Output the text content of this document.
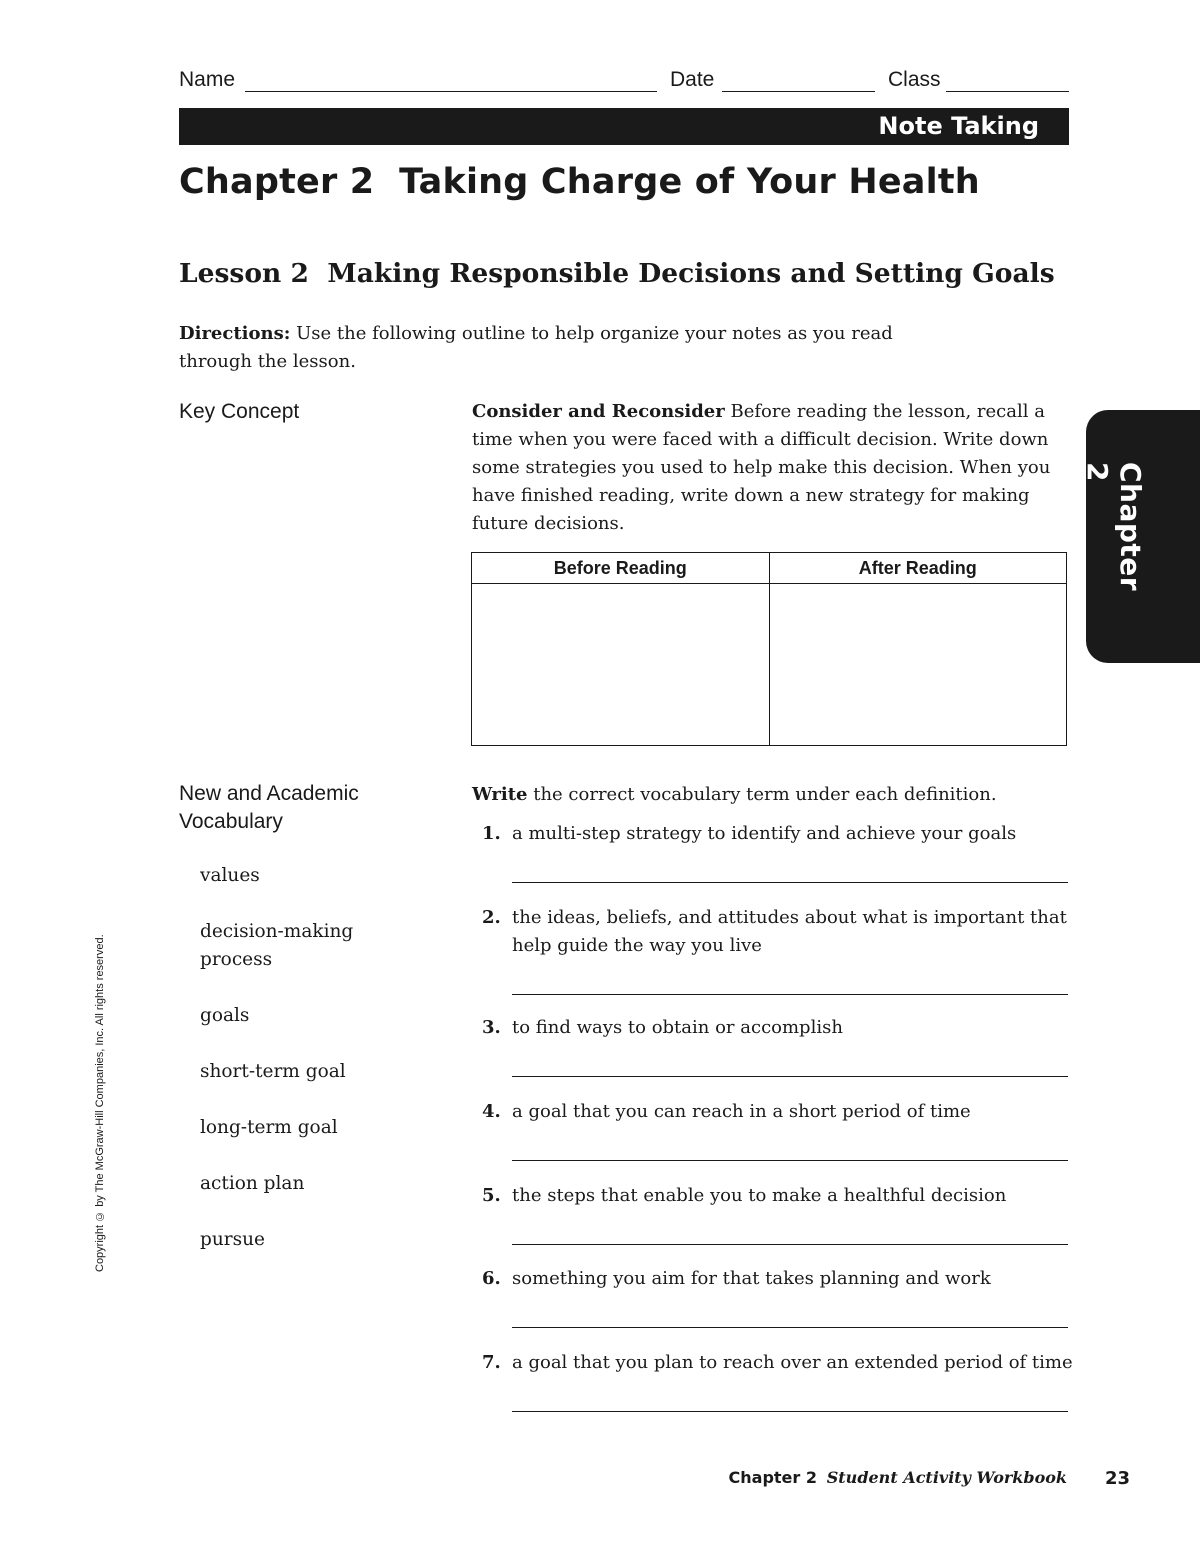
Name	Date	Class
Note Taking
Chapter 2  Taking Charge of Your Health
Lesson 2  Making Responsible Decisions and Setting Goals
Directions: Use the following outline to help organize your notes as you read through the lesson.
Key Concept	Consider and Reconsider Before reading the lesson, recall a time when you were faced with a difficult decision. Write down some strategies you used to help make this decision. When you have finished reading, write down a new strategy for making future decisions.
Before Reading	After Reading

New and Academic
Vocabulary
values
decision-making process
goals
short-term goal
long-term goal
action plan
pursue
Write the correct vocabulary term under each definition.
1. a multi-step strategy to identify and achieve your goals
2. the ideas, beliefs, and attitudes about what is important that help guide the way you live
3. to find ways to obtain or accomplish
4. a goal that you can reach in a short period of time
5. the steps that enable you to make a healthful decision
6. something you aim for that takes planning and work
7. a goal that you plan to reach over an extended period of time
Chapter 2
Copyright © by The McGraw-Hill Companies, Inc. All rights reserved.
Chapter 2 Student Activity Workbook 23
